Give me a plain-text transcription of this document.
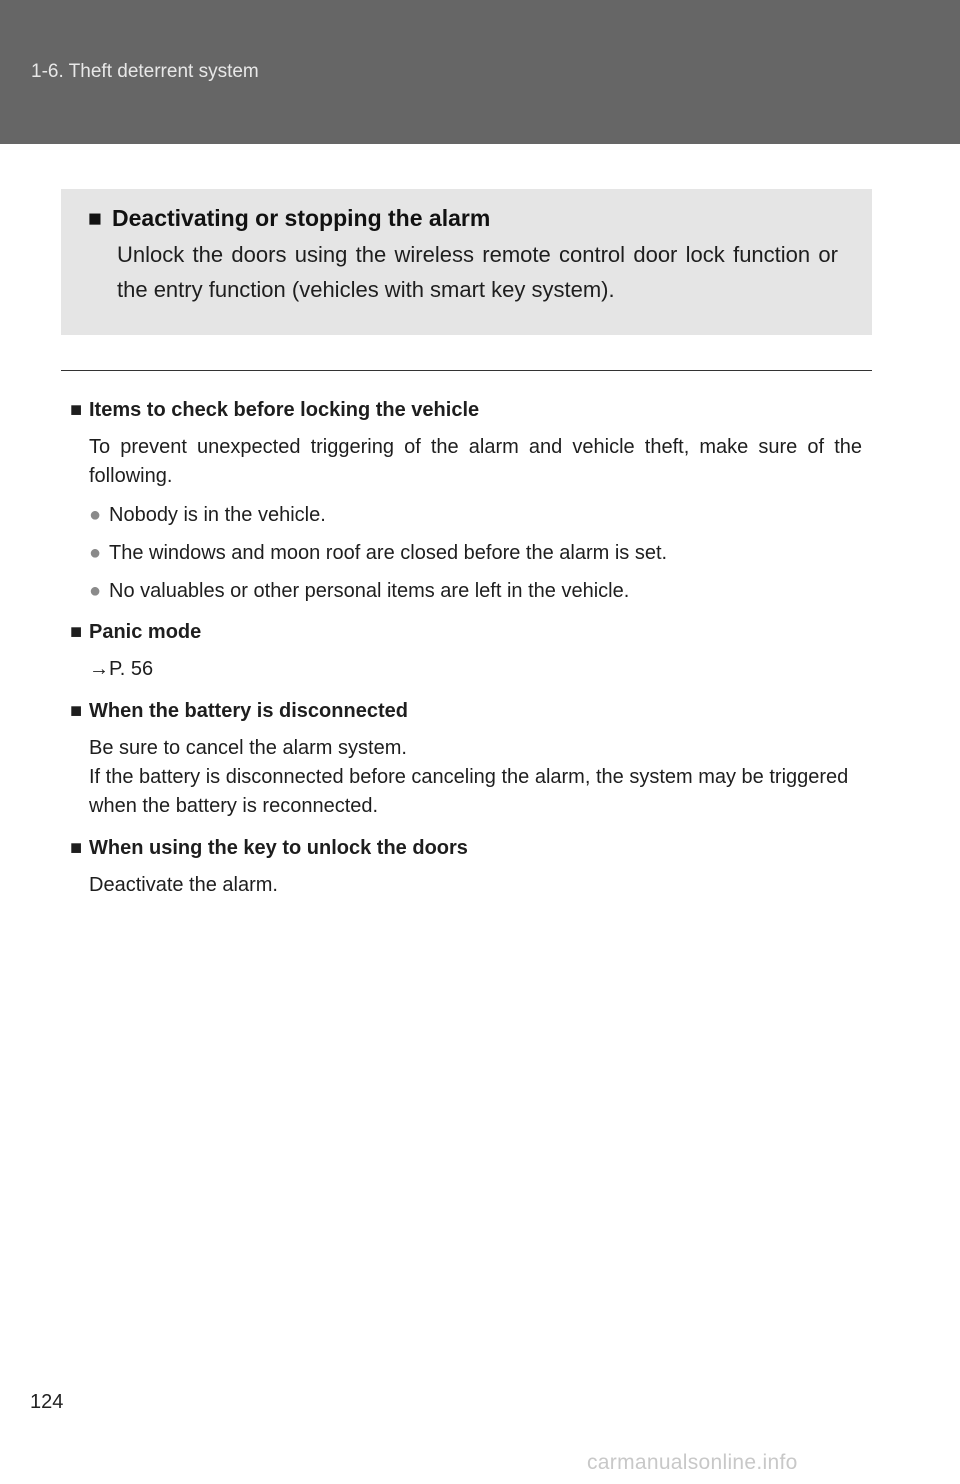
1-6. Theft deterrent system
■ Deactivating or stopping the alarm
Unlock the doors using the wireless remote control door lock function or the entry function (vehicles with smart key system).
■ Items to check before locking the vehicle
To prevent unexpected triggering of the alarm and vehicle theft, make sure of the following.
● Nobody is in the vehicle.
● The windows and moon roof are closed before the alarm is set.
● No valuables or other personal items are left in the vehicle.
■ Panic mode
→P. 56
■ When the battery is disconnected
Be sure to cancel the alarm system.
If the battery is disconnected before canceling the alarm, the system may be triggered when the battery is reconnected.
■ When using the key to unlock the doors
Deactivate the alarm.
124
carmanualsonline.info
